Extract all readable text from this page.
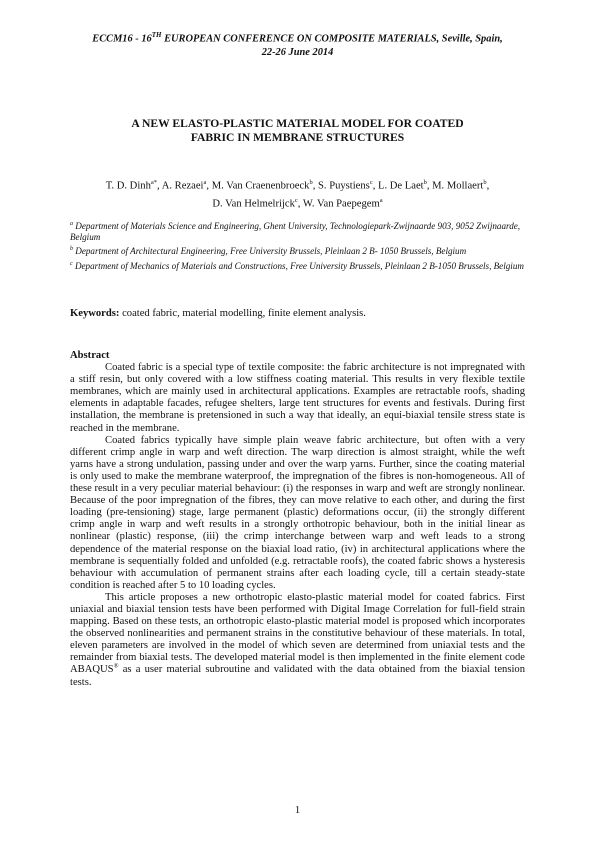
ECCM16 - 16TH EUROPEAN CONFERENCE ON COMPOSITE MATERIALS, Seville, Spain,
22-26 June 2014
A NEW ELASTO-PLASTIC MATERIAL MODEL FOR COATED
FABRIC IN MEMBRANE STRUCTURES
T. D. Dinh$^{a*}$, A. Rezaei$^a$, M. Van Craenenbroeck$^b$, S. Puystiens$^c$, L. De Laet$^b$, M. Mollaert$^b$,
D. Van Helmelrijck$^c$, W. Van Paepegem$^a$

$^a$ Department of Materials Science and Engineering, Ghent University, Technologiepark-Zwijnaarde 903, 9052 Zwijnaarde, Belgium

$^b$ Department of Architectural Engineering, Free University Brussels, Pleinlaan 2 B- 1050 Brussels, Belgium

$^c$ Department of Mechanics of Materials and Constructions, Free University Brussels, Pleinlaan 2 B-1050 Brussels, Belgium

Keywords: coated fabric, material modelling, finite element analysis.
Abstract

Coated fabric is a special type of textile composite: the fabric architecture is not impregnated with a stiff resin, but only covered with a low stiffness coating material. This results in very flexible textile membranes, which are mainly used in architectural applications. Examples are retractable roofs, shading elements in adaptable facades, refugee shelters, large tent structures for events and festivals. During first installation, the membrane is pretensioned in such a way that ideally, an equi-biaxial tensile stress state is reached in the membrane.

Coated fabrics typically have simple plain weave fabric architecture, but often with a very different crimp angle in warp and weft direction. The warp direction is almost straight, while the weft yarns have a strong undulation, passing under and over the warp yarns. Further, since the coating material is only used to make the membrane waterproof, the impregnation of the fibres is non-homogeneous. All of these result in a very peculiar material behaviour: (i) the responses in warp and weft are strongly nonlinear. Because of the poor impregnation of the fibres, they can move relative to each other, and during the first loading (pre-tensioning) stage, large permanent (plastic) deformations occur, (ii) the strongly different crimp angle in warp and weft results in a strongly orthotropic behaviour, both in the initial linear as nonlinear (plastic) response, (iii) the crimp interchange between warp and weft leads to a strong dependence of the material response on the biaxial load ratio, (iv) in architectural applications where the membrane is sequentially folded and unfolded (e.g. retractable roofs), the coated fabric shows a hysteresis behaviour with accumulation of permanent strains after each loading cycle, till a certain steady-state condition is reached after 5 to 10 loading cycles.

This article proposes a new orthotropic elasto-plastic material model for coated fabrics. First uniaxial and biaxial tension tests have been performed with Digital Image Correlation for full-field strain mapping. Based on these tests, an orthotropic elasto-plastic material model is proposed which incorporates the observed nonlinearities and permanent strains in the constitutive behaviour of these materials. In total, eleven parameters are involved in the model of which seven are determined from uniaxial tests and the remainder from biaxial tests. The developed material model is then implemented in the finite element code ABAQUS® as a user material subroutine and validated with the data obtained from the biaxial tension tests.

1
